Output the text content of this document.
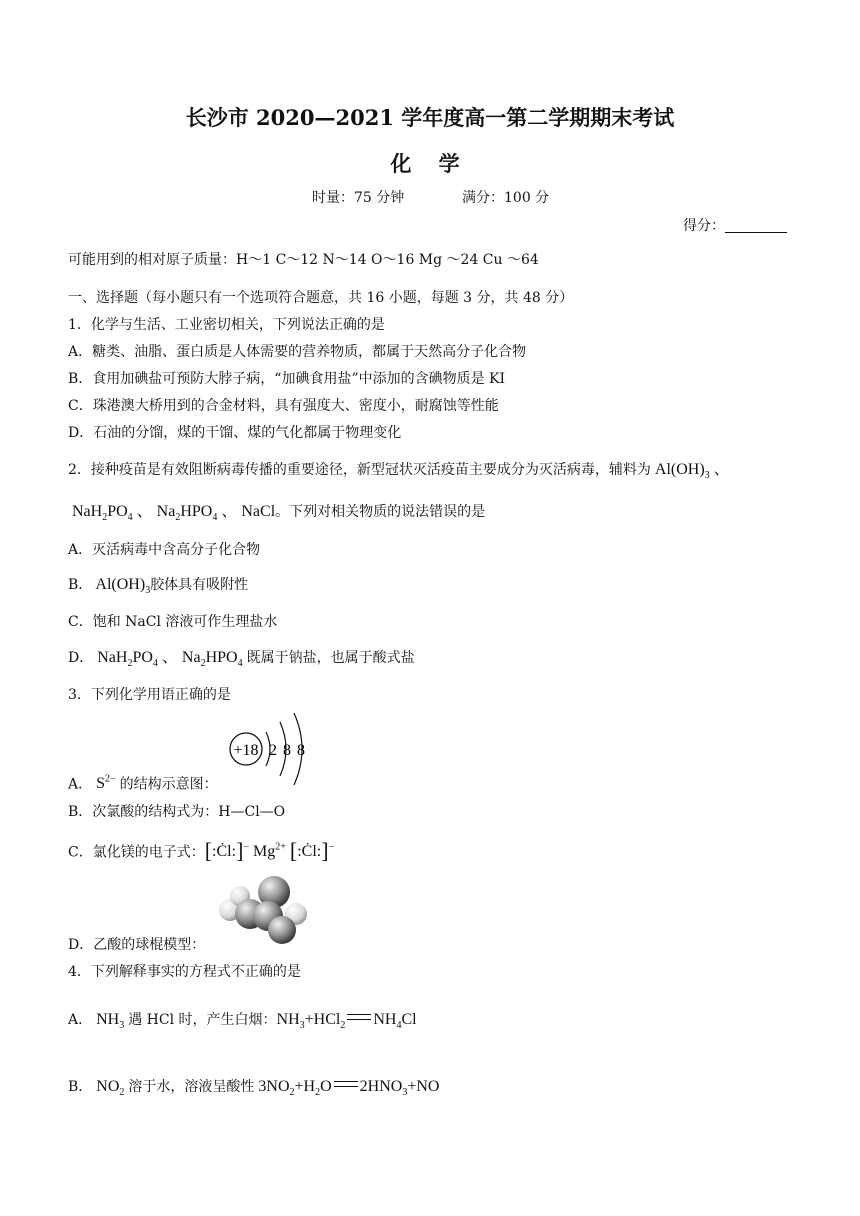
长沙市 2020—2021 学年度高一第二学期期末考试
化 学
时量：75 分钟	满分：100 分
得分：
可能用到的相对原子质量：H～1 C～12 N～14 O～16 Mg ～24 Cu ～64
一、选择题（每小题只有一个选项符合题意，共 16 小题，每题 3 分，共 48 分）
1．化学与生活、工业密切相关，下列说法正确的是
A．糖类、油脂、蛋白质是人体需要的营养物质，都属于天然高分子化合物
B．食用加碘盐可预防大脖子病，“加碘食用盐”中添加的含碘物质是 KI
C．珠港澳大桥用到的合金材料，具有强度大、密度小，耐腐蚀等性能
D．石油的分馏，煤的干馏、煤的气化都属于物理变化
2．接种疫苗是有效阻断病毒传播的重要途径，新型冠状灭活疫苗主要成分为灭活病毒，辅料为 $Al(OH)_3$ 、
$NaH_2PO_4$ 、 $Na_2HPO_4$ 、 NaCl。下列对相关物质的说法错误的是
A．灭活病毒中含高分子化合物
B． $Al(OH)_3$胶体具有吸附性
C．饱和 NaCl 溶液可作生理盐水
D． $NaH_2PO_4$ 、 $Na_2HPO_4$ 既属于钠盐，也属于酸式盐
3．下列化学用语正确的是
+18 2 8 8
A． $S^{2-}$ 的结构示意图：
B．次氯酸的结构式为：H—Cl—O
C．氯化镁的电子式：[:Ċl:]− $Mg^{2+}$ [:Ċl:]−
D．乙酸的球棍模型：
4．下列解释事实的方程式不正确的是
A． $NH_3$ 遇 HCl 时，产生白烟：$NH_3+HCl_2$ $NH_4Cl$
B． $NO_2$ 溶于水，溶液呈酸性 $3NO_2+H_2O$ $2HNO_3+NO$
